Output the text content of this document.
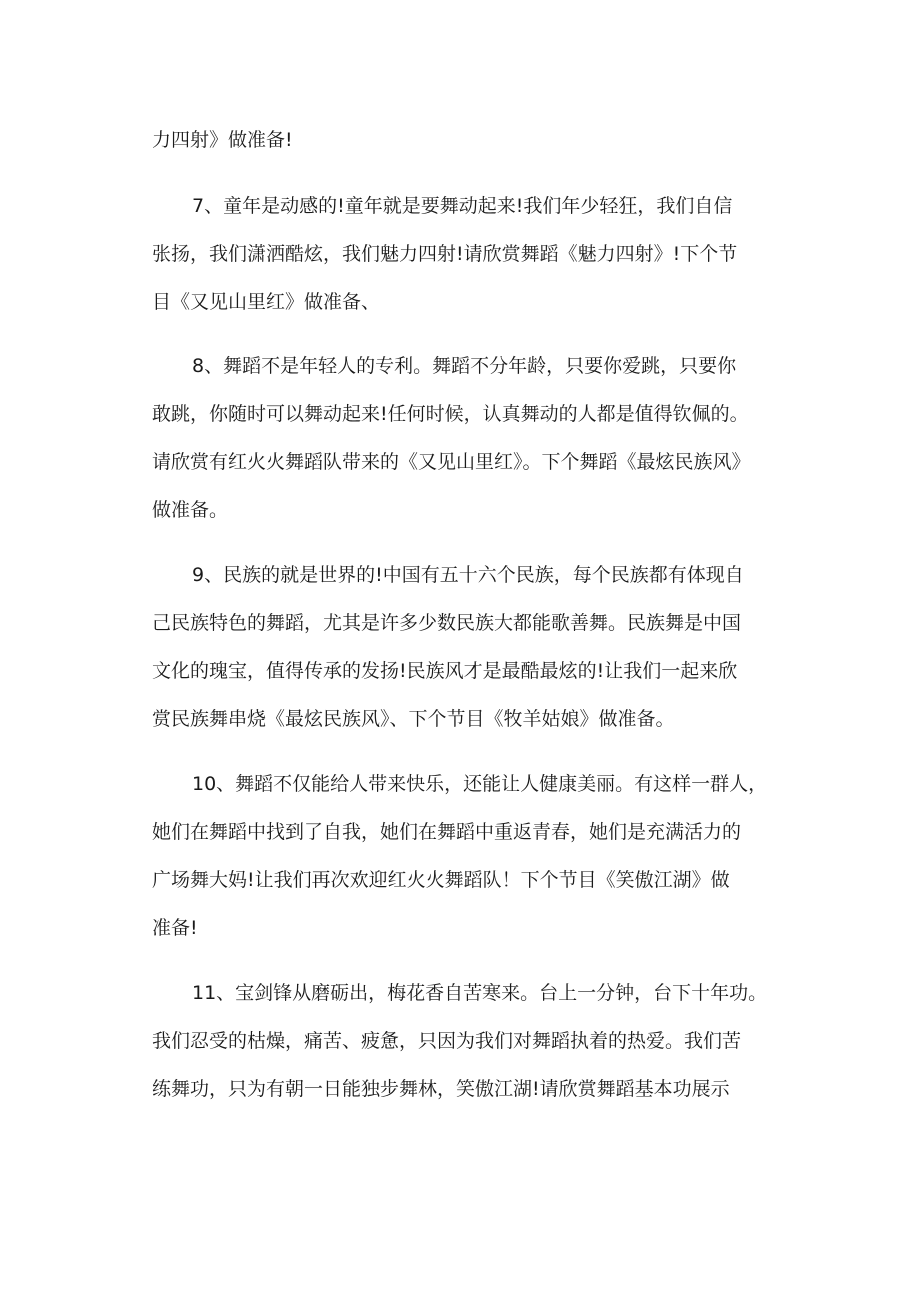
力四射》做准备!
7、童年是动感的!童年就是要舞动起来!我们年少轻狂，我们自信
张扬，我们潇洒酷炫，我们魅力四射!请欣赏舞蹈《魅力四射》!下个节
目《又见山里红》做准备、
8、舞蹈不是年轻人的专利。舞蹈不分年龄，只要你爱跳，只要你
敢跳，你随时可以舞动起来!任何时候，认真舞动的人都是值得钦佩的。
请欣赏有红火火舞蹈队带来的《又见山里红》。下个舞蹈《最炫民族风》
做准备。
9、民族的就是世界的!中国有五十六个民族，每个民族都有体现自
己民族特色的舞蹈，尤其是许多少数民族大都能歌善舞。民族舞是中国
文化的瑰宝，值得传承的发扬!民族风才是最酷最炫的!让我们一起来欣
赏民族舞串烧《最炫民族风》、下个节目《牧羊姑娘》做准备。
10、舞蹈不仅能给人带来快乐，还能让人健康美丽。有这样一群人，
她们在舞蹈中找到了自我，她们在舞蹈中重返青春，她们是充满活力的
广场舞大妈!让我们再次欢迎红火火舞蹈队！下个节目《笑傲江湖》做
准备!
11、宝剑锋从磨砺出，梅花香自苦寒来。台上一分钟，台下十年功。
我们忍受的枯燥，痛苦、疲惫，只因为我们对舞蹈执着的热爱。我们苦
练舞功，只为有朝一日能独步舞林，笑傲江湖!请欣赏舞蹈基本功展示
